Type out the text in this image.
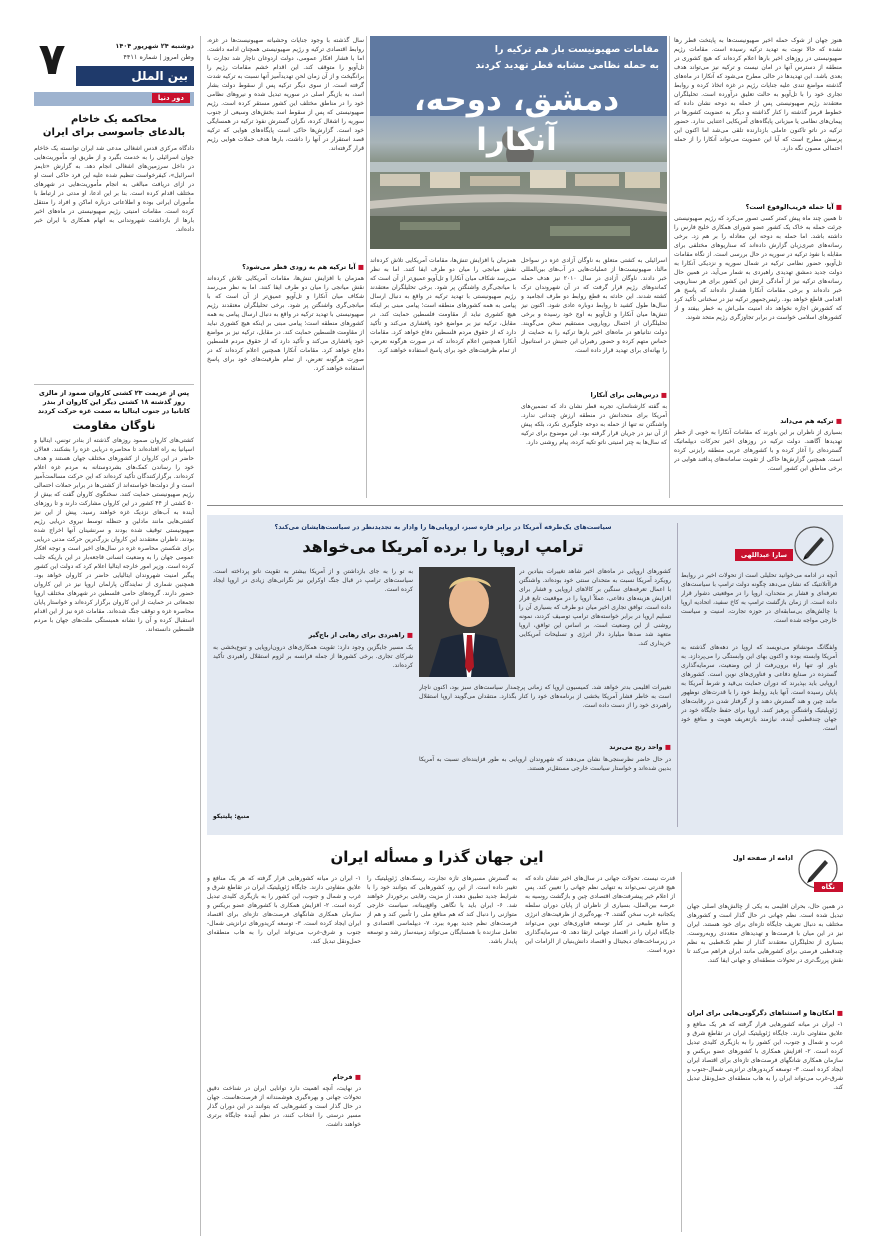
۷	دوشنبه ۲۴ شهریور ۱۴۰۴
وطن امروز | شماره ۴۴۱۱
بین الملل
دور دنیا
محاکمه یک خاخام
بالدعای جاسوسی برای ایران
دادگاه مرکزی قدس اشغالی مدعی شد ایران توانسته یک خاخام جوان اسرائیلی را به خدمت بگیرد و از طریق او، مأموریت‌هایی در داخل سرزمین‌های اشغالی انجام دهد. به گزارش «تایمز اسرائیل»، کیفرخواست تنظیم شده علیه این فرد حاکی است او در ازای دریافت مبالغی به انجام مأموریت‌هایی در شهرهای مختلف اقدام کرده است. بنا بر این ادعا، او مدتی در ارتباط با مأموران ایرانی بوده و اطلاعاتی درباره اماکن و افراد را منتقل کرده است. مقامات امنیتی رژیم صهیونیستی در ماه‌های اخیر بارها از بازداشت شهروندانی به اتهام همکاری با ایران خبر داده‌اند.
پس از عزیمت ۲۳ کشتی کاروان صمود از مالزی روز گذشته ۱۸ کشتی دیگر این کاروان از بنذر کاتانیا در جنوب ایتالیا به سمت غزه حرکت کردند
ناوگان مقاومت
کشتی‌های کاروان صمود روزهای گذشته از بنادر تونس، ایتالیا و اسپانیا به راه افتاده‌اند تا محاصره دریایی غزه را بشکنند. فعالان حاضر در این کاروان از کشورهای مختلف جهان هستند و هدف خود را رساندن کمک‌های بشردوستانه به مردم غزه اعلام کرده‌اند. برگزارکنندگان تأکید کرده‌اند که این حرکت مسالمت‌آمیز است و از دولت‌ها خواسته‌اند از کشتی‌ها در برابر حملات احتمالی رژیم صهیونیستی حمایت کنند. سخنگوی کاروان گفت که بیش از ۵۰ کشتی از ۴۴ کشور در این کاروان مشارکت دارند و تا روزهای آینده به آب‌های نزدیک غزه خواهند رسید. پیش از این نیز کشتی‌هایی مانند مادلین و حنظله توسط نیروی دریایی رژیم صهیونیستی توقیف شده بودند و سرنشینان آنها اخراج شده بودند. ناظران معتقدند این کاروان بزرگ‌ترین حرکت مدنی دریایی برای شکستن محاصره غزه در سال‌های اخیر است و توجه افکار عمومی جهان را به وضعیت انسانی فاجعه‌بار در این باریکه جلب کرده است. وزیر امور خارجه ایتالیا اعلام کرد که دولت این کشور پیگیر امنیت شهروندان ایتالیایی حاضر در کاروان خواهد بود. همچنین شماری از نمایندگان پارلمان اروپا نیز در این کاروان حضور دارند. گروه‌های حامی فلسطین در شهرهای مختلف اروپا تجمعاتی در حمایت از این کاروان برگزار کرده‌اند و خواستار پایان محاصره غزه و توقف جنگ شده‌اند. مقامات غزه نیز از این اقدام استقبال کرده و آن را نشانه همبستگی ملت‌های جهان با مردم فلسطین دانسته‌اند.
مقامات صهیونیست باز هم ترکیه را
به حمله نظامی مشابه قطر تهدید کردند
دمشق، دوحه، آنکارا
هنوز جهان از شوک حمله اخیر صهیونیست‌ها به پایتخت قطر رها نشده که حالا نوبت به تهدید ترکیه رسیده است. مقامات رژیم صهیونیستی در روزهای اخیر بارها اعلام کرده‌اند که هیچ کشوری در منطقه از دسترس آنها در امان نیست و ترکیه نیز می‌تواند هدف بعدی باشد. این تهدیدها در حالی مطرح می‌شود که آنکارا در ماه‌های گذشته مواضع تندی علیه جنایات رژیم در غزه اتخاذ کرده و روابط تجاری خود را با تل‌آویو به حالت تعلیق درآورده است. تحلیلگران معتقدند رژیم صهیونیستی پس از حمله به دوحه نشان داده که خطوط قرمز گذشته را کنار گذاشته و دیگر به عضویت کشورها در پیمان‌های نظامی یا میزبانی پایگاه‌های آمریکایی اعتنایی ندارد. حضور ترکیه در ناتو تاکنون عاملی بازدارنده تلقی می‌شد اما اکنون این پرسش مطرح است که آیا این عضویت می‌تواند آنکارا را از حمله احتمالی مصون نگه دارد.
■ آیا حمله قریب‌الوقوع است؟
تا همین چند ماه پیش کمتر کسی تصور می‌کرد که رژیم صهیونیستی جرئت حمله به خاک یک کشور عضو شورای همکاری خلیج فارس را داشته باشد. اما حمله به دوحه این معادله را بر هم زد. برخی رسانه‌های عبری‌زبان گزارش داده‌اند که سناریوهای مختلفی برای مقابله با نفوذ ترکیه در سوریه در حال بررسی است. از نگاه مقامات تل‌آویو، حضور نظامی ترکیه در شمال سوریه و نزدیکی آنکارا به دولت جدید دمشق تهدیدی راهبردی به شمار می‌آید. در همین حال رسانه‌های ترکیه نیز از آمادگی ارتش این کشور برای هر سناریویی خبر داده‌اند و برخی مقامات آنکارا هشدار داده‌اند که پاسخ هر اقدامی قاطع خواهد بود. رئیس‌جمهور ترکیه نیز در سخنانی تأکید کرد که کشورش اجازه نخواهد داد امنیت ملی‌اش به خطر بیفتد و از کشورهای اسلامی خواست در برابر تجاوزگری رژیم متحد شوند.
■ ترکیه هم می‌داند
بسیاری از ناظران بر این باورند که مقامات آنکارا به خوبی از خطر تهدیدها آگاهند. دولت ترکیه در روزهای اخیر تحرکات دیپلماتیک گسترده‌ای را آغاز کرده و با کشورهای عربی منطقه رایزنی کرده است. همچنین گزارش‌ها حاکی از تقویت سامانه‌های پدافند هوایی در برخی مناطق این کشور است.
اسرائیلی به کشتی متعلق به ناوگان آزادی غزه در سواحل مالتا، صهیونیست‌ها از عملیات‌هایی در آب‌های بین‌المللی خبر دادند. ناوگان آزادی در سال ۲۰۱۰ نیز هدف حمله کماندوهای رژیم قرار گرفت که در آن شهروندان ترک کشته شدند. این حادثه به قطع روابط دو طرف انجامید و سال‌ها طول کشید تا روابط دوباره عادی شود. اکنون نیز تنش‌ها میان آنکارا و تل‌آویو به اوج خود رسیده و برخی تحلیلگران از احتمال رویارویی مستقیم سخن می‌گویند. دولت نتانیاهو در ماه‌های اخیر بارها ترکیه را به حمایت از حماس متهم کرده و حضور رهبران این جنبش در استانبول را بهانه‌ای برای تهدید قرار داده است.
■ درس‌هایی برای آنکارا
به گفته کارشناسان، تجربه قطر نشان داد که تضمین‌های آمریکا برای متحدانش در منطقه ارزش چندانی ندارد. واشنگتن نه تنها از حمله به دوحه جلوگیری نکرد، بلکه پیش از آن نیز در جریان قرار گرفته بود. این موضوع برای ترکیه که سال‌ها به چتر امنیتی ناتو تکیه کرده، پیام روشنی دارد.
همزمان با افزایش تنش‌ها، مقامات آمریکایی تلاش کرده‌اند نقش میانجی را میان دو طرف ایفا کنند. اما به نظر می‌رسد شکاف میان آنکارا و تل‌آویو عمیق‌تر از آن است که با میانجی‌گری واشنگتن پر شود. برخی تحلیلگران معتقدند رژیم صهیونیستی با تهدید ترکیه در واقع به دنبال ارسال پیامی به همه کشورهای منطقه است؛ پیامی مبنی بر اینکه هیچ کشوری نباید از مقاومت فلسطین حمایت کند. در مقابل، ترکیه نیز بر مواضع خود پافشاری می‌کند و تأکید دارد که از حقوق مردم فلسطین دفاع خواهد کرد. مقامات آنکارا همچنین اعلام کرده‌اند که در صورت هرگونه تعرض، از تمام ظرفیت‌های خود برای پاسخ استفاده خواهند کرد.
سال گذشته با وجود جنایات وحشیانه صهیونیست‌ها در غزه، روابط اقتصادی ترکیه و رژیم صهیونیستی همچنان ادامه داشت. اما با فشار افکار عمومی، دولت اردوغان ناچار شد تجارت با تل‌آویو را متوقف کند. این اقدام خشم مقامات رژیم را برانگیخت و از آن زمان لحن تهدیدآمیز آنها نسبت به ترکیه شدت گرفته است. از سوی دیگر ترکیه پس از سقوط دولت بشار اسد، به بازیگر اصلی در سوریه تبدیل شده و نیروهای نظامی خود را در مناطق مختلف این کشور مستقر کرده است. رژیم صهیونیستی که پس از سقوط اسد بخش‌های وسیعی از جنوب سوریه را اشغال کرده، نگران گسترش نفوذ ترکیه در همسایگی خود است. گزارش‌ها حاکی است پایگاه‌های هوایی که ترکیه قصد استقرار در آنها را داشت، بارها هدف حملات هوایی رژیم قرار گرفته‌اند.
■ آیا ترکیه هم به زودی قطر می‌شود؟
همزمان با افزایش تنش‌ها، مقامات آمریکایی تلاش کرده‌اند نقش میانجی را میان دو طرف ایفا کنند. اما به نظر می‌رسد شکاف میان آنکارا و تل‌آویو عمیق‌تر از آن است که با میانجی‌گری واشنگتن پر شود. برخی تحلیلگران معتقدند رژیم صهیونیستی با تهدید ترکیه در واقع به دنبال ارسال پیامی به همه کشورهای منطقه است؛ پیامی مبنی بر اینکه هیچ کشوری نباید از مقاومت فلسطین حمایت کند. در مقابل، ترکیه نیز بر مواضع خود پافشاری می‌کند و تأکید دارد که از حقوق مردم فلسطین دفاع خواهد کرد. مقامات آنکارا همچنین اعلام کرده‌اند که در صورت هرگونه تعرض، از تمام ظرفیت‌های خود برای پاسخ استفاده خواهند کرد.
سیاست‌های یک‌طرفه آمریکا در برابر قاره سبز، اروپایی‌ها را وادار به تجدیدنظر در سیاست‌هایشان می‌کند؟
ترامپ اروپا را برده آمریکا می‌خواهد	سارا عبداللهی
آنچه در ادامه می‌خوانید تحلیلی است از تحولات اخیر در روابط فراآتلانتیک که نشان می‌دهد چگونه دولت ترامپ با سیاست‌های تعرفه‌ای و فشار بر متحدان، اروپا را در موقعیتی دشوار قرار داده است. از زمان بازگشت ترامپ به کاخ سفید، اتحادیه اروپا با چالش‌های بی‌سابقه‌ای در حوزه تجارت، امنیت و سیاست خارجی مواجه شده است.
ولفگانگ مونشائو می‌نویسد که اروپا در دهه‌های گذشته به آمریکا وابسته بوده و اکنون بهای این وابستگی را می‌پردازد. به باور او، تنها راه برون‌رفت از این وضعیت، سرمایه‌گذاری گسترده در صنایع دفاعی و فناوری‌های نوین است. کشورهای اروپایی باید بپذیرند که دوران حمایت بی‌قید و شرط آمریکا به پایان رسیده است. آنها باید روابط خود را با قدرت‌های نوظهور مانند چین و هند گسترش دهند و از گرفتار شدن در رقابت‌های ژئوپلیتیک واشنگتن پرهیز کنند. اروپا برای حفظ جایگاه خود در جهان چندقطبی آینده، نیازمند بازتعریف هویت و منافع خود است.
کشورهای اروپایی در ماه‌های اخیر شاهد تغییرات بنیادین در رویکرد آمریکا نسبت به متحدان سنتی خود بوده‌اند. واشنگتن با اعمال تعرفه‌های سنگین بر کالاهای اروپایی و فشار برای افزایش هزینه‌های دفاعی، عملاً اروپا را در موقعیت تابع قرار داده است. توافق تجاری اخیر میان دو طرف که بسیاری آن را تسلیم اروپا در برابر خواسته‌های ترامپ توصیف کردند، نمونه روشنی از این وضعیت است. بر اساس این توافق، اروپا متعهد شد صدها میلیارد دلار انرژی و تسلیحات آمریکایی خریداری کند.
به تو را به جای بازداشتن و از آمریکا بیشتر به تقویت ناتو پرداخته است. سیاست‌های ترامپ در قبال جنگ اوکراین نیز نگرانی‌های زیادی در اروپا ایجاد کرده است.
■ راهبردی برای رهایی از باج‌گیر
یک مسیر جایگزین وجود دارد: تقویت همکاری‌های درون‌اروپایی و تنوع‌بخشی به شرکای تجاری. برخی کشورها از جمله فرانسه بر لزوم استقلال راهبردی تأکید کرده‌اند.
تغییرات اقلیمی بدتر خواهد شد. کمیسیون اروپا که زمانی پرچمدار سیاست‌های سبز بود، اکنون ناچار است به خاطر فشار آمریکا بخشی از برنامه‌های خود را کنار بگذارد. منتقدان می‌گویند اروپا استقلال راهبردی خود را از دست داده است.
■ واحد رنج می‌برند
در حال حاضر نظرسنجی‌ها نشان می‌دهند که شهروندان اروپایی به طور فزاینده‌ای نسبت به آمریکا بدبین شده‌اند و خواستار سیاست خارجی مستقل‌تر هستند.
منبع: پلیتیکو
این جهان گذرا و مسأله ایران
نگاه
ادامه از صفحه اول
در همین حال، بحران اقلیمی به یکی از چالش‌های اصلی جهان تبدیل شده است. نظم جهانی در حال گذار است و کشورهای مختلف به دنبال تعریف جایگاه تازه‌ای برای خود هستند. ایران نیز در این میان با فرصت‌ها و تهدیدهای متعددی روبه‌روست. بسیاری از تحلیلگران معتقدند گذار از نظم تک‌قطبی به نظم چندقطبی فرصتی برای کشورهایی مانند ایران فراهم می‌کند تا نقش پررنگ‌تری در تحولات منطقه‌ای و جهانی ایفا کنند.
■ امکان‌ها و استثناهای دگرگونی‌هایی برای ایران
۱- ایران در میانه کشورهایی قرار گرفته که هر یک منافع و علایق متفاوتی دارند. جایگاه ژئوپلیتیک ایران در تقاطع شرق و غرب و شمال و جنوب، این کشور را به بازیگری کلیدی تبدیل کرده است. ۲- افزایش همکاری با کشورهای عضو بریکس و سازمان همکاری شانگهای فرصت‌های تازه‌ای برای اقتصاد ایران ایجاد کرده است. ۳- توسعه کریدورهای ترانزیتی شمال-جنوب و شرق-غرب می‌تواند ایران را به هاب منطقه‌ای حمل‌ونقل تبدیل کند.
قدرت نیست. تحولات جهانی در سال‌های اخیر نشان داده که هیچ قدرتی نمی‌تواند به تنهایی نظم جهانی را تعیین کند. پس از اعلام خبر پیشرفت‌های اقتصادی چین و بازگشت روسیه به عرصه بین‌الملل، بسیاری از ناظران از پایان دوران سلطه یکجانبه غرب سخن گفتند. ۴- بهره‌گیری از ظرفیت‌های انرژی و منابع طبیعی در کنار توسعه فناوری‌های نوین می‌تواند جایگاه ایران را در اقتصاد جهانی ارتقا دهد. ۵- سرمایه‌گذاری در زیرساخت‌های دیجیتال و اقتصاد دانش‌بنیان از الزامات این دوره است.
به گسترش مسیرهای تازه تجارت، ریسک‌های ژئوپلیتیک را تغییر داده است. از این رو، کشورهایی که بتوانند خود را با شرایط جدید تطبیق دهند، از مزیت رقابتی برخوردار خواهند شد. ۶- ایران باید با نگاهی واقع‌بینانه، سیاست خارجی متوازنی را دنبال کند که هم منافع ملی را تأمین کند و هم از فرصت‌های نظم جدید بهره ببرد. ۷- دیپلماسی اقتصادی و تعامل سازنده با همسایگان می‌تواند زمینه‌ساز رشد و توسعه پایدار باشد.
۱- ایران در میانه کشورهایی قرار گرفته که هر یک منافع و علایق متفاوتی دارند. جایگاه ژئوپلیتیک ایران در تقاطع شرق و غرب و شمال و جنوب، این کشور را به بازیگری کلیدی تبدیل کرده است. ۲- افزایش همکاری با کشورهای عضو بریکس و سازمان همکاری شانگهای فرصت‌های تازه‌ای برای اقتصاد ایران ایجاد کرده است. ۳- توسعه کریدورهای ترانزیتی شمال-جنوب و شرق-غرب می‌تواند ایران را به هاب منطقه‌ای حمل‌ونقل تبدیل کند.
■ فرجام
در نهایت، آنچه اهمیت دارد توانایی ایران در شناخت دقیق تحولات جهانی و بهره‌گیری هوشمندانه از فرصت‌هاست. جهان در حال گذار است و کشورهایی که بتوانند در این دوران گذار مسیر درستی را انتخاب کنند، در نظم آینده جایگاه برتری خواهند داشت.
